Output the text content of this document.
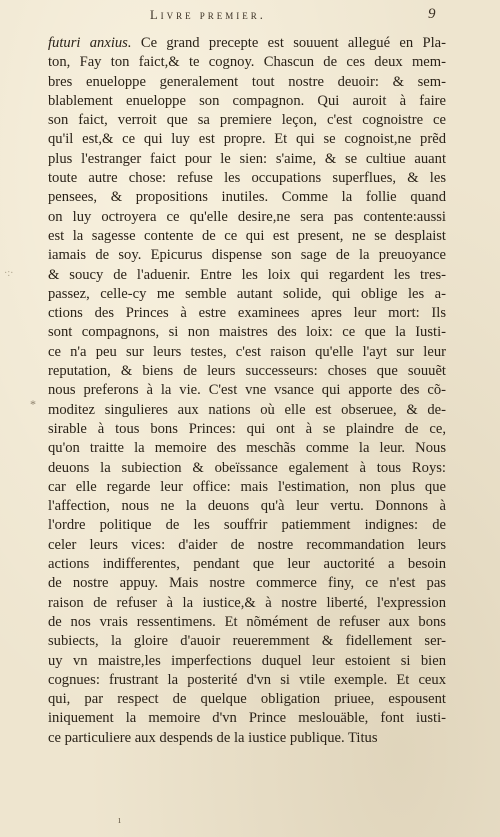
Livre premier.	9
futuri anxius. Ce grand precepte est souuent allegué en Pla-
ton, Fay ton faict,& te cognoy. Chascun de ces deux mem-
bres enueloppe generalement tout nostre deuoir: & sem-
blablement enueloppe son compagnon. Qui auroit à faire
son faict, verroit que sa premiere leçon, c'est cognoistre ce
qu'il est,& ce qui luy est propre. Et qui se cognoist,ne prẽd
plus l'estranger faict pour le sien: s'aime, & se cultiue auant
toute autre chose: refuse les occupations superflues, & les
pensees, & propositions inutiles. Comme la follie quand
on luy octroyera ce qu'elle desire,ne sera pas contente:aussi
est la sagesse contente de ce qui est present, ne se desplaist
iamais de soy. Epicurus dispense son sage de la preuoyance
& soucy de l'aduenir. Entre les loix qui regardent les tres-
passez, celle-cy me semble autant solide, qui oblige les a-
ctions des Princes à estre examinees apres leur mort: Ils
sont compagnons, si non maistres des loix: ce que la Iusti-
ce n'a peu sur leurs testes, c'est raison qu'elle l'ayt sur leur
reputation, & biens de leurs successeurs: choses que souuẽt
nous preferons à la vie. C'est vne vsance qui apporte des cõ-
moditez singulieres aux nations où elle est obseruee, & de-
sirable à tous bons Princes: qui ont à se plaindre de ce,
qu'on traitte la memoire des meschãs comme la leur. Nous
deuons la subiection & obeïssance egalement à tous Roys:
car elle regarde leur office: mais l'estimation, non plus que
l'affection, nous ne la deuons qu'à leur vertu. Donnons à
l'ordre politique de les souffrir patiemment indignes: de
celer leurs vices: d'aider de nostre recommandation leurs
actions indifferentes, pendant que leur auctorité a besoin
de nostre appuy. Mais nostre commerce finy, ce n'est pas
raison de refuser à la iustice,& à nostre liberté, l'expression
de nos vrais ressentimens. Et nõmément de refuser aux bons
subiects, la gloire d'auoir reueremment & fidellement ser-
uy vn maistre,les imperfections duquel leur estoient si bien
cognues: frustrant la posterité d'vn si vtile exemple. Et ceux
qui, par respect de quelque obligation priuee, espousent
iniquement la memoire d'vn Prince meslouäble, font iusti-
ce particuliere aux despends de la iustice publique. Titus
*
·:·
ı
